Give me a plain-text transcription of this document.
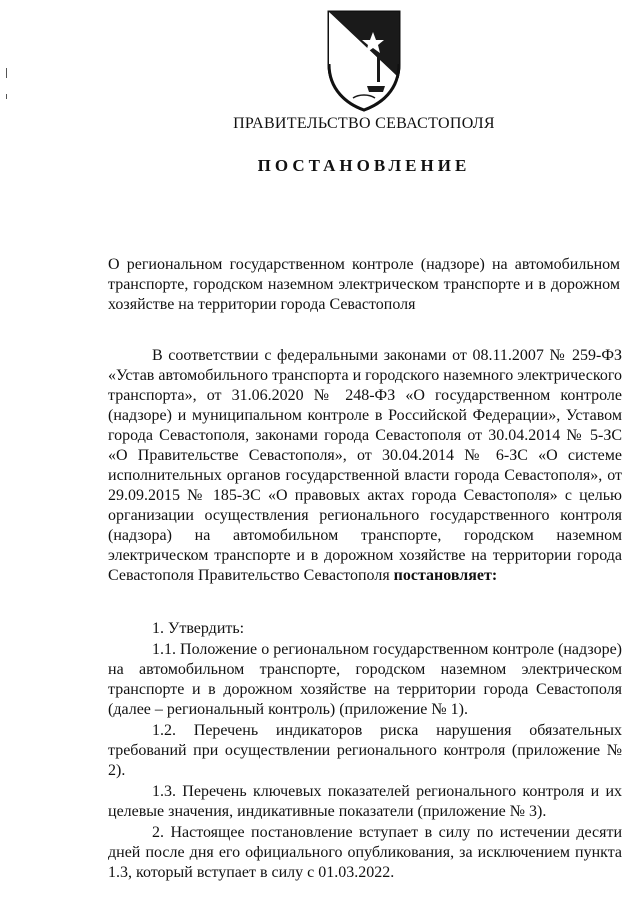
ПРАВИТЕЛЬСТВО СЕВАСТОПОЛЯ
ПОСТАНОВЛЕНИЕ
О региональном государственном контроле (надзоре) на автомобильном транспорте, городском наземном электрическом транспорте и в дорожном хозяйстве на территории города Севастополя

В соответствии с федеральными законами от 08.11.2007 № 259-ФЗ «Устав автомобильного транспорта и городского наземного электрического транспорта», от 31.06.2020 № 248-ФЗ «О государственном контроле (надзоре) и муниципальном контроле в Российской Федерации», Уставом города Севастополя, законами города Севастополя от 30.04.2014 № 5-ЗС «О Правительстве Севастополя», от 30.04.2014 № 6-ЗС «О системе исполнительных органов государственной власти города Севастополя», от 29.09.2015 № 185-ЗС «О правовых актах города Севастополя» с целью организации осуществления регионального государственного контроля (надзора) на автомобильном транспорте, городском наземном электрическом транспорте и в дорожном хозяйстве на территории города Севастополя Правительство Севастополя постановляет:

1. Утвердить:

1.1. Положение о региональном государственном контроле (надзоре) на автомобильном транспорте, городском наземном электрическом транспорте и в дорожном хозяйстве на территории города Севастополя (далее – региональный контроль) (приложение № 1).

1.2. Перечень индикаторов риска нарушения обязательных требований при осуществлении регионального контроля (приложение № 2).

1.3. Перечень ключевых показателей регионального контроля и их целевые значения, индикативные показатели (приложение № 3).

2. Настоящее постановление вступает в силу по истечении десяти дней после дня его официального опубликования, за исключением пункта 1.3, который вступает в силу с 01.03.2022.
